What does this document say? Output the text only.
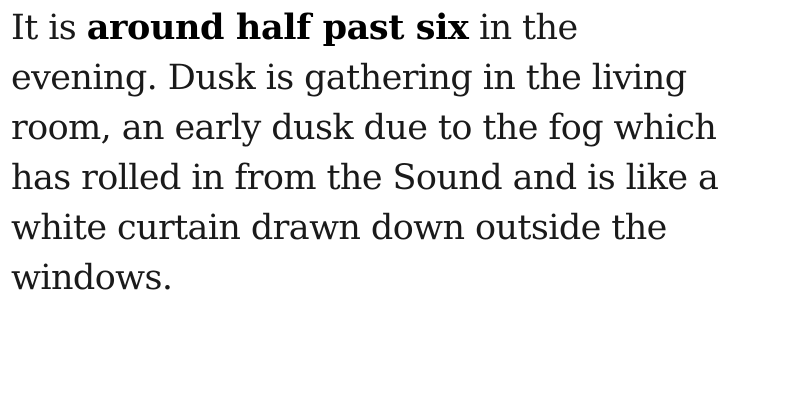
It is around half past six in the
evening. Dusk is gathering in the living
room, an early dusk due to the fog which
has rolled in from the Sound and is like a
white curtain drawn down outside the
windows.
